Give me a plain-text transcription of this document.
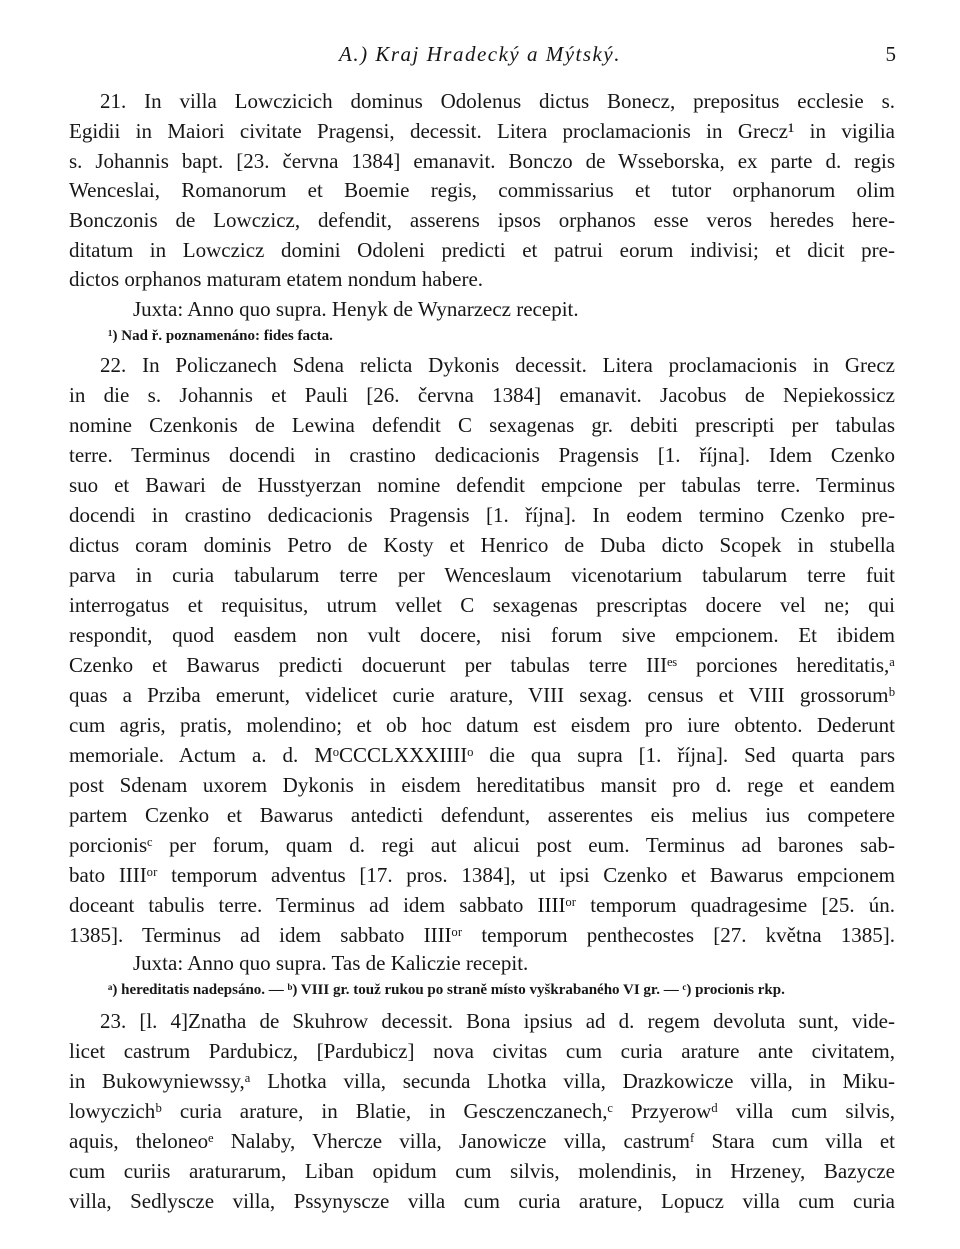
A.) Kraj Hradecký a Mýtský.	5
21. In villa Lowczicich dominus Odolenus dictus Bonecz, prepositus ecclesie s.
Egidii in Maiori civitate Pragensi, decessit. Litera proclamacionis in Grecz¹ in vigilia
s. Johannis bapt. [23. června 1384] emanavit. Bonczo de Wsseborska, ex parte d. regis
Wenceslai, Romanorum et Boemie regis, commissarius et tutor orphanorum olim
Bonczonis de Lowczicz, defendit, asserens ipsos orphanos esse veros heredes here-
ditatum in Lowczicz domini Odoleni predicti et patrui eorum indivisi; et dicit pre-
dictos orphanos maturam etatem nondum habere.
Juxta: Anno quo supra. Henyk de Wynarzecz recepit.
¹) Nad ř. poznamenáno: fides facta.
22. In Policzanech Sdena relicta Dykonis decessit. Litera proclamacionis in Grecz
in die s. Johannis et Pauli [26. června 1384] emanavit. Jacobus de Nepiekossicz
nomine Czenkonis de Lewina defendit C sexagenas gr. debiti prescripti per tabulas
terre. Terminus docendi in crastino dedicacionis Pragensis [1. října]. Idem Czenko
suo et Bawari de Husstyerzan nomine defendit empcione per tabulas terre. Terminus
docendi in crastino dedicacionis Pragensis [1. října]. In eodem termino Czenko pre-
dictus coram dominis Petro de Kosty et Henrico de Duba dicto Scopek in stubella
parva in curia tabularum terre per Wenceslaum vicenotarium tabularum terre fuit
interrogatus et requisitus, utrum vellet C sexagenas prescriptas docere vel ne; qui
respondit, quod easdem non vult docere, nisi forum sive empcionem. Et ibidem
Czenko et Bawarus predicti docuerunt per tabulas terre IIIᵉˢ porciones hereditatis,ᵃ
quas a Prziba emerunt, videlicet curie arature, VIII sexag. census et VIII grossorumᵇ
cum agris, pratis, molendino; et ob hoc datum est eisdem pro iure obtento. Dederunt
memoriale. Actum a. d. MᵒCCCLXXXIIIIᵒ die qua supra [1. října]. Sed quarta pars
post Sdenam uxorem Dykonis in eisdem hereditatibus mansit pro d. rege et eandem
partem Czenko et Bawarus antedicti defendunt, asserentes eis melius ius competere
porcionisᶜ per forum, quam d. regi aut alicui post eum. Terminus ad barones sab-
bato IIIIᵒʳ temporum adventus [17. pros. 1384], ut ipsi Czenko et Bawarus empcionem
doceant tabulis terre. Terminus ad idem sabbato IIIIᵒʳ temporum quadragesime [25. ún.
1385]. Terminus ad idem sabbato IIIIᵒʳ temporum penthecostes [27. května 1385].
Juxta: Anno quo supra. Tas de Kaliczie recepit.
ᵃ) hereditatis nadepsáno. — ᵇ) VIII gr. touž rukou po straně místo vyškrabaného VI gr. — ᶜ) procionis rkp.
23. [l. 4]Znatha de Skuhrow decessit. Bona ipsius ad d. regem devoluta sunt, vide-
licet castrum Pardubicz, [Pardubicz] nova civitas cum curia arature ante civitatem,
in Bukowyniewssy,ᵃ Lhotka villa, secunda Lhotka villa, Drazkowicze villa, in Miku-
lowyczichᵇ curia arature, in Blatie, in Gesczenczanech,ᶜ Przyerowᵈ villa cum silvis,
aquis, theloneoᵉ Nalaby, Vhercze villa, Janowicze villa, castrumᶠ Stara cum villa et
cum curiis araturarum, Liban opidum cum silvis, molendinis, in Hrzeney, Bazycze
villa, Sedlyscze villa, Pssynyscze villa cum curia arature, Lopucz villa cum curia
